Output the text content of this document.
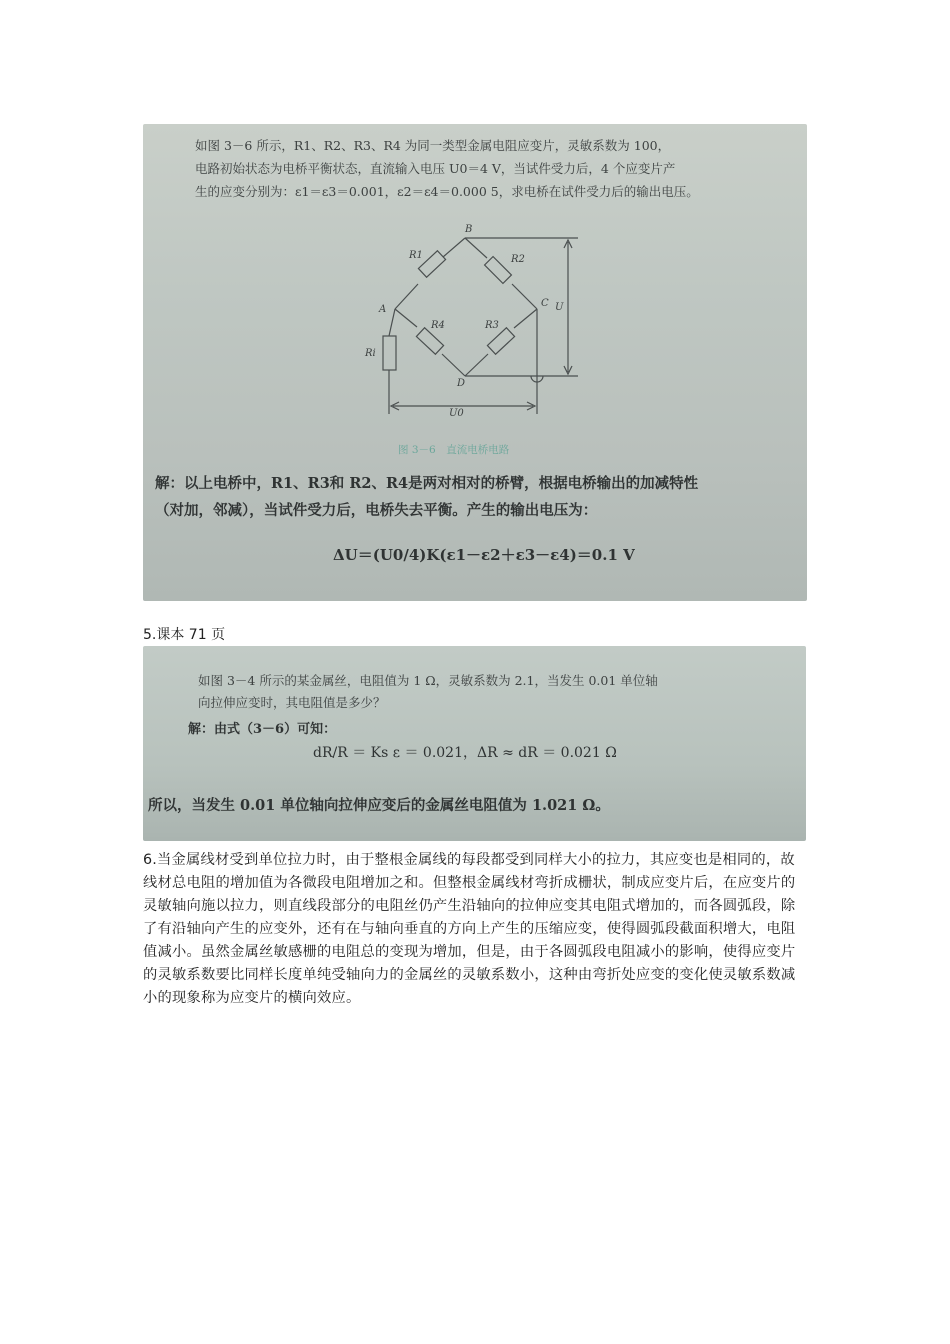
如图 3－6 所示，R1、R2、R3、R4 为同一类型金属电阻应变片，灵敏系数为 100，
电路初始状态为电桥平衡状态，直流输入电压 U0＝4 V，当试件受力后，4 个应变片产
生的应变分别为：ε1＝ε3＝0.001，ε2＝ε4＝0.000 5，求电桥在试件受力后的输出电压。
B
A
C
D
R1	R2
R3
R4
Ri
U
U0
图 3－6　直流电桥电路
解：以上电桥中，R1、R3和 R2、R4是两对相对的桥臂，根据电桥输出的加减特性
（对加，邻减），当试件受力后，电桥失去平衡。产生的输出电压为：
ΔU＝(U0/4)K(ε1－ε2＋ε3－ε4)＝0.1 V
5.课本 71 页
如图 3－4 所示的某金属丝，电阻值为 1 Ω，灵敏系数为 2.1，当发生 0.01 单位轴
向拉伸应变时，其电阻值是多少？
解：由式（3－6）可知：
dR/R ＝ Ks ε ＝ 0.021，ΔR ≈ dR ＝ 0.021 Ω
所以，当发生 0.01 单位轴向拉伸应变后的金属丝电阻值为 1.021 Ω。

6.当金属线材受到单位拉力时，由于整根金属线的每段都受到同样大小的拉力，其应变也是相同的，故线材总电阻的增加值为各微段电阻增加之和。但整根金属线材弯折成栅状，制成应变片后，在应变片的灵敏轴向施以拉力，则直线段部分的电阻丝仍产生沿轴向的拉伸应变其电阻式增加的，而各圆弧段，除了有沿轴向产生的应变外，还有在与轴向垂直的方向上产生的压缩应变，使得圆弧段截面积增大，电阻值减小。虽然金属丝敏感栅的电阻总的变现为增加，但是，由于各圆弧段电阻减小的影响，使得应变片的灵敏系数要比同样长度单纯受轴向力的金属丝的灵敏系数小，这种由弯折处应变的变化使灵敏系数减小的现象称为应变片的横向效应。
